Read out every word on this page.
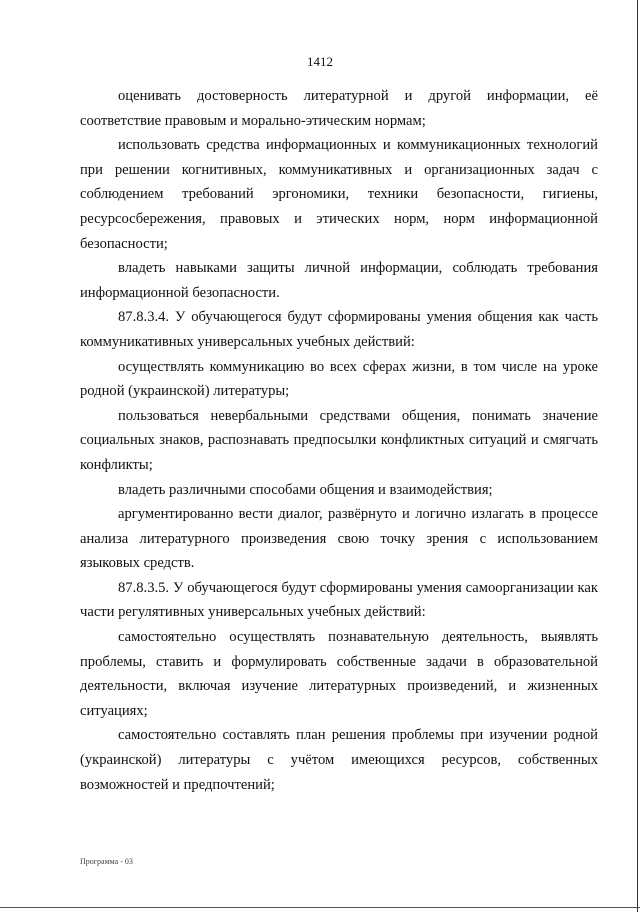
1412

оценивать достоверность литературной и другой информации, её соответствие правовым и морально-этическим нормам;

использовать средства информационных и коммуникационных технологий при решении когнитивных, коммуникативных и организационных задач с соблюдением требований эргономики, техники безопасности, гигиены, ресурсосбережения, правовых и этических норм, норм информационной безопасности;

владеть навыками защиты личной информации, соблюдать требования информационной безопасности.

87.8.3.4. У обучающегося будут сформированы умения общения как часть коммуникативных универсальных учебных действий:

осуществлять коммуникацию во всех сферах жизни, в том числе на уроке родной (украинской) литературы;

пользоваться невербальными средствами общения, понимать значение социальных знаков, распознавать предпосылки конфликтных ситуаций и смягчать конфликты;

владеть различными способами общения и взаимодействия;

аргументированно вести диалог, развёрнуто и логично излагать в процессе анализа литературного произведения свою точку зрения с использованием языковых средств.

87.8.3.5. У обучающегося будут сформированы умения самоорганизации как части регулятивных универсальных учебных действий:

самостоятельно осуществлять познавательную деятельность, выявлять проблемы, ставить и формулировать собственные задачи в образовательной деятельности, включая изучение литературных произведений, и жизненных ситуациях;

самостоятельно составлять план решения проблемы при изучении родной (украинской) литературы с учётом имеющихся ресурсов, собственных возможностей и предпочтений;

Программа - 03
